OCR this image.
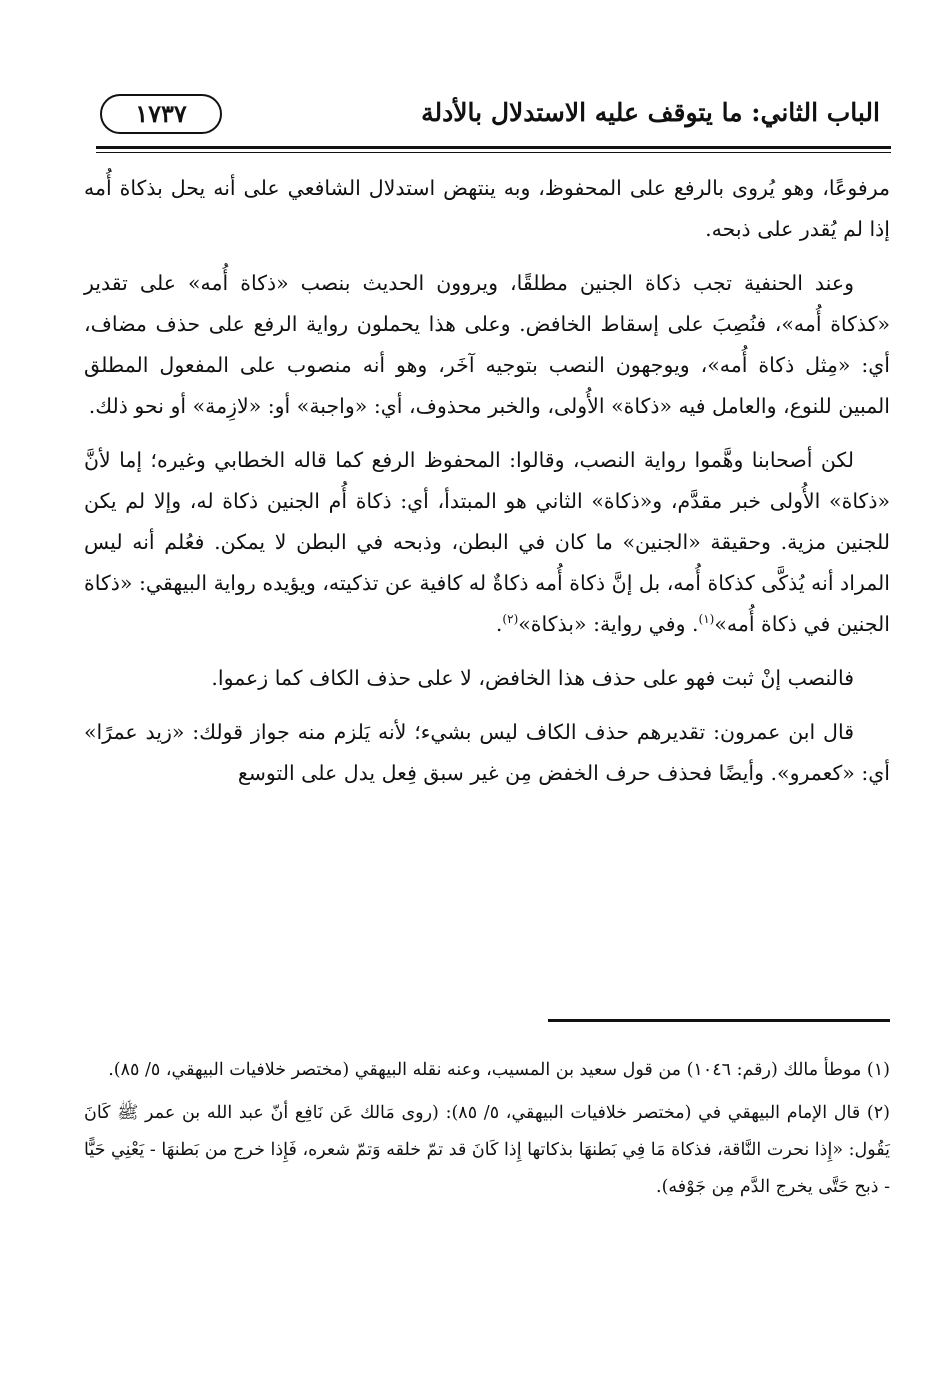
الباب الثاني: ما يتوقف عليه الاستدلال بالأدلة
١٧٣٧

مرفوعًا، وهو يُروى بالرفع على المحفوظ، وبه ينتهض استدلال الشافعي على أنه يحل بذكاة أُمه إذا لم يُقدر على ذبحه.

وعند الحنفية تجب ذكاة الجنين مطلقًا، ويروون الحديث بنصب «ذكاة أُمه» على تقدير «كذكاة أُمه»، فنُصِبَ على إسقاط الخافض. وعلى هذا يحملون رواية الرفع على حذف مضاف، أي: «مِثل ذكاة أُمه»، ويوجهون النصب بتوجيه آخَر، وهو أنه منصوب على المفعول المطلق المبين للنوع، والعامل فيه «ذكاة» الأُولى، والخبر محذوف، أي: «واجبة» أو: «لازِمة» أو نحو ذلك.

لكن أصحابنا وهَّموا رواية النصب، وقالوا: المحفوظ الرفع كما قاله الخطابي وغيره؛ إما لأنَّ «ذكاة» الأُولى خبر مقدَّم، و«ذكاة» الثاني هو المبتدأ، أي: ذكاة أُم الجنين ذكاة له، وإلا لم يكن للجنين مزية. وحقيقة «الجنين» ما كان في البطن، وذبحه في البطن لا يمكن. فعُلم أنه ليس المراد أنه يُذكَّى كذكاة أُمه، بل إنَّ ذكاة أُمه ذكاةٌ له كافية عن تذكيته، ويؤيده رواية البيهقي: «ذكاة الجنين في ذكاة أُمه»$^{(١)}$. وفي رواية: «بذكاة»$^{(٢)}$.

فالنصب إنْ ثبت فهو على حذف هذا الخافض، لا على حذف الكاف كما زعموا.

قال ابن عمرون: تقديرهم حذف الكاف ليس بشيء؛ لأنه يَلزم منه جواز قولك: «زيد عمرًا» أي: «كعمرو». وأيضًا فحذف حرف الخفض مِن غير سبق فِعل يدل على التوسع

(١) موطأ مالك (رقم: ١٠٤٦) من قول سعيد بن المسيب، وعنه نقله البيهقي (مختصر خلافيات البيهقي، ٥/ ٨٥).

(٢) قال الإمام البيهقي في (مختصر خلافيات البيهقي، ٥/ ٨٥): (روى مَالك عَن نَافِع أنّ عبد الله بن عمر ﷺ كَانَ يَقُول: «إِذا نحرت النَّاقة، فذكاة مَا فِي بَطنهَا بذكاتها إِذا كَانَ قد تمّ خلقه وَتمّ شعره، فَإِذا خرج من بَطنهَا - يَعْنِي حَيًّا - ذبح حَتَّى يخرج الدَّم مِن جَوْفه).
